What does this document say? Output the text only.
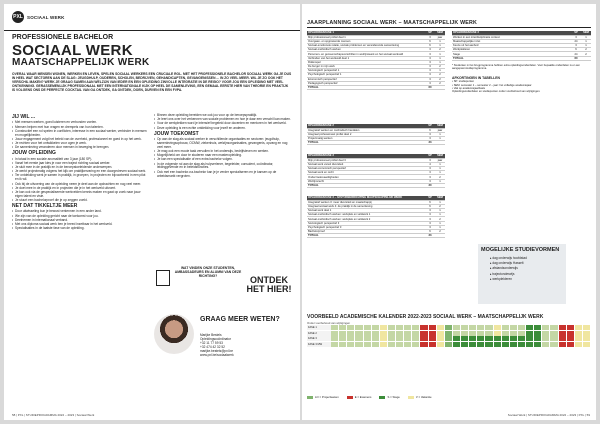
PXL SOCIAAL WERK
PROFESSIONELE BACHELOR
SOCIAAL WERK
MAATSCHAPPELIJK WERK
OVERAL WAAR MENSEN WONEN, WERKEN EN LEVEN, SPELEN SOCIAAL WERKERS EEN CRUCIALE ROL. MET HET PROFESSIONELE BACHELOR SOCIAAL WERK GA JE DUS IN HEEL WAT SECTOREN AAN DE SLAG: JEUGDHULP, OUDEREN, SCHOLEN, BEDRIJVEN, GEHANDICAPTEN, GEVANGENISSEN ... IN ZO VEEL MEER. WIL JE ZO OOK HET VERSCHIL MAKEN? WERK JE GRAAG SAMEN AAN WELZIJN VAN IEDER EN EEN OPLEIDING ZINVOLLE INTEGRATIE IN DE REGIO? VOOR JOU EEN OPLEIDING MET VEEL ONTKENNING. GERASSEMENLIJK PROFESSIONAAL MET EEN INTERNATIONALE KIJK OP HEEL DE SAMENLEVING, EEN GEMAAL EERSTE HIER VAN THEORIE EN PRAKTIJK IS VOLGENS ONS DE PERFECTE COCKTAIL VAN GA ONTDEK, GA ONTDEK, DOEN, DURVEN EN EEN FVPA.
JIJ WIL ...
• Met mensen werken, goed luisteren en verbonden voelen.
• Mensen helpen met hun vragen en drempels van hun talenten.
• Constructief een rol spelen in conflicten, interesse in een sociaal werker, verbinder in mensen en mogelijkheden.
• Jouw engagement volgt het beleid van de overheid, professioneel en goed in op het werk.
• Je rechten voor het ontwikkelen voor ogen je werk.
• De samenleving veranderen door mensen in beweging te brengen.
JOUW OPLEIDING
• In totaal in een sociale anomaliteit van 3 jaar (180 SP).
• Vanaf het eerste jaar kies je voor een traject richting sociaal werker.
• Je sluit mee in de praktijk en in de beroepstoeleidende onderwerpen.
• Je werkt projectmatig volgens het kijk om praktijkervaring en een doorgedreven sociaal werk.
• Ter ontdekking werk je samen in praktijk, in groepen, in projecten en bijvoorbeeld in een pilot en ik wil.
• Ook bij de uitvoering van de opleiding neem je deel aan de opdrachten en nog veel meer.
• Je doet mee in de praktijk en in projecten die je in het werkveld uitvoert.
• Je kan ook via de gespecialiseerde werkvelden kennis maken en gaat op zoek naar jouw eigen talent en visie.
• Je stuurt een bachelorproef die je op zeggen zoekt.
NET DAT TIKKELTJE MEER
• Door uitwisseling kun je bewust verkennen in een ander land.
• We zijn van de opleiding gericht naar de toekomst voor jou.
• Deelnemen in internationaal verband.
• Met ons diploma sociaal werk ben je breed inzetbaar in het werkveld.
• Specialisaties in de laatste fase van de opleiding.
• Binnen deze opleiding bereiden we ook jou voor op de beroepspraktijk.
• Je leert ons over het verkennen van sociale problemen en hoe je daar een verschil kan maken.
• Voor de werkplekken word je intensief begeleid door docenten en mentoren in het werkveld.
• Deze opleiding is een echte ontdekking voor jezelf en anderen.
JOUW TOEKOMST
• Op aan de slag als sociaal werker in verschillende organisaties en sectoren: jeugdhulp, samenlevingsopbouw, OCMW, ziekenhuis, welzijnsorganisaties, gevangenis, opvang en nog veel meer.
• Je mag ook een mooie taak vervullen in het onderwijs, bedrijfsleven en werken.
• Mogelijkheid om door te studeren naar een masteropleiding.
• Je kan een specialisatie of een extra bachelor volgen.
• In de volgende rol aan de slag als hulpverlener, begeleider, consulent, coördinator, leidinggevende en in beleidsfuncties.
• Ook met een bachelor-na-bachelor kan je je verder specialiseren en je kansen op de arbeidsmarkt vergroten.
WAT VINDEN ONZE STUDENTEN, AMBASSADEURS EN ALUMNI VAN DEZE RICHTING?	ONTDEK HET HIER!
GRAAG MEER WETEN?
Marijke Bestels
Opleidingscoördinator
+32 11 77 59 53
+32 474 42 32 52
marijke.bestels@pxl.be
www.pxl.be/sociaalwerk
58 | PXL | STUDIEPROGRAMMA 2022 – 2023 | Sociaal Werk
JAARPLANNING SOCIAAL WERK – MAATSCHAPPELIJK WERK
OPLEIDINGSFASE 1	SP	SEM
Mijn professioneel profiel deel 1	3	jaar
Overgaan- en opgroeiende mensen	6	1
Sociaal-emotionele relatie, sociale problemen en veranderende samenleving	6	1
Sociaal-methodisch werken	3	2
Personen- en gemeenschapsverschillen in welzijnswerk en het sociaal werkveld	3	1
Verbinden van het werkveld deel 1	3	1
Rollenspel	3	1
De burger in mijn werk	3	2
Sociologisch perspectief 1	3	1
Psychologisch perspectief 1	3	2
Economisch perspectief	3	2
Pedagogisch perspectief	3	2
TOTAAL	60	
OPLEIDINGSFASE 2	SP	SEM
Integratief werken en methodisch handelen	6	jaar
Integraal professioneel profiel deel 2	3	1
Projectmatig werken	3	1
TOTAAL	33	
OPLEIDINGSFASE 3	SP	SEM
Mijn professioneel profiel deel 3	3	jaar
Sociaal werk vanuit diversiteit	4	1
Sociaal economisch perspectief	3	1
Sociaal werk en recht	3	1
Onderzoeksvaardigheden	3	2
Welzijnsrecht	3	1
TOTAAL	30	
OPLEIDINGSFASE 3 – AFSTUDEERRICHTING MAATSCHAPPELIJK WERK	SP	SEM
Integratief werken 3: meer diversiteit en maatschappij	6	1
Integraal sociaal werk 4: de praktijk in de samenleving	6	2
Sociaal werk deel 1	3	1
Sociaal-methodisch werken: werkplek en veldwerk 1	3	1
Sociaal-methodisch werken: werkplek en veldwerk 2	3	2
Sociologisch perspectief 3	3	1
Psychologisch perspectief 3	3	1
Bachelorproef	6	2
TOTAAL	33	
OPLEIDINGSFASE 3	SP	SEM
Werken in een interdisciplinaire context	3	1
Maatschappelijke inzet	24	1
Keuze uit het aanbod	3	1
Werkplekleren	6	2
Stage	24	2
TOTAAL	60	
* Studenten in het brugprogramma hebben extra opleidingsonderdelen. Voor bepaalde onderdelen is er een aangepast studieprogramma.
AFKORTINGEN IN TABELLEN
• SP: studiepunten
• SEM: semester 1 – semester 2 – jaar: het volledige academiejaar
• Vak op academiejaarbasis
Opleidingsonderdelen en studiepunten onder voorbehoud van wijzigingen.
MOGELIJKE STUDIEVORMEN
▸ dag onderwijs hoofdstad
▸ dag onderwijs Hasselt
▸ afstandsonderwijs
▸ trajectonderwijs
▸ werkplekleren
VOORBEELD ACADEMISCHE KALENDER 2022-2023 SOCIAAL WERK – MAATSCHAPPELIJK WERK
Onder voorbehoud van wijzigingen
FASE 1
FASE 2
FASE 3
FASE 3 MW
LO = Projectweken	E = Examens	S = Stage	V = Vakantie
Sociaal Werk | STUDIEPROGRAMMA 2022 – 2023 | PXL | 59
